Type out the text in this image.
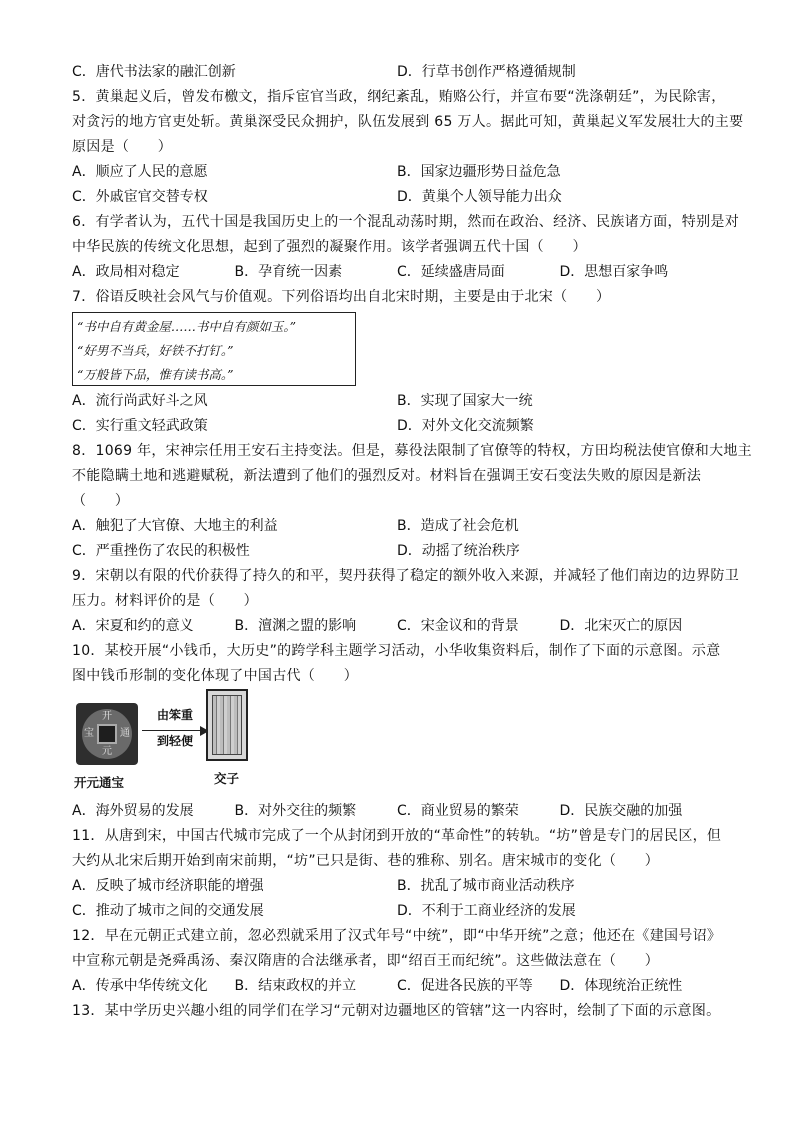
C．唐代书法家的融汇创新	D．行草书创作严格遵循规制
5．黄巢起义后，曾发布檄文，指斥宦官当政，纲纪紊乱，贿赂公行，并宣布要“洗涤朝廷”，为民除害，
对贪污的地方官吏处斩。黄巢深受民众拥护，队伍发展到 65 万人。据此可知，黄巢起义军发展壮大的主要
原因是（　　）
A．顺应了人民的意愿	B．国家边疆形势日益危急
C．外戚宦官交替专权	D．黄巢个人领导能力出众
6．有学者认为，五代十国是我国历史上的一个混乱动荡时期，然而在政治、经济、民族诸方面，特别是对
中华民族的传统文化思想，起到了强烈的凝聚作用。该学者强调五代十国（　　）
A．政局相对稳定	B．孕育统一因素	C．延续盛唐局面	D．思想百家争鸣
7．俗语反映社会风气与价值观。下列俗语均出自北宋时期，主要是由于北宋（　　）
“书中自有黄金屋……书中自有颜如玉。”
“好男不当兵，好铁不打钉。”
“万般皆下品，惟有读书高。”
A．流行尚武好斗之风	B．实现了国家大一统
C．实行重文轻武政策	D．对外文化交流频繁
8．1069 年，宋神宗任用王安石主持变法。但是，募役法限制了官僚等的特权，方田均税法使官僚和大地主
不能隐瞒土地和逃避赋税，新法遭到了他们的强烈反对。材料旨在强调王安石变法失败的原因是新法
（　　）
A．触犯了大官僚、大地主的利益	B．造成了社会危机
C．严重挫伤了农民的积极性	D．动摇了统治秩序
9．宋朝以有限的代价获得了持久的和平，契丹获得了稳定的额外收入来源，并减轻了他们南边的边界防卫
压力。材料评价的是（　　）
A．宋夏和约的意义	B．澶渊之盟的影响	C．宋金议和的背景	D．北宋灭亡的原因
10．某校开展“小钱币，大历史”的跨学科主题学习活动，小华收集资料后，制作了下面的示意图。示意
图中钱币形制的变化体现了中国古代（　　）
开
元
通
宝
由笨重
到轻便
开元通宝	交子
A．海外贸易的发展	B．对外交往的频繁	C．商业贸易的繁荣	D．民族交融的加强
11．从唐到宋，中国古代城市完成了一个从封闭到开放的“革命性”的转轨。“坊”曾是专门的居民区，但
大约从北宋后期开始到南宋前期，“坊”已只是街、巷的雅称、别名。唐宋城市的变化（　　）
A．反映了城市经济职能的增强	B．扰乱了城市商业活动秩序
C．推动了城市之间的交通发展	D．不利于工商业经济的发展
12．早在元朝正式建立前，忽必烈就采用了汉式年号“中统”，即“中华开统”之意；他还在《建国号诏》
中宣称元朝是尧舜禹汤、秦汉隋唐的合法继承者，即“绍百王而纪统”。这些做法意在（　　）
A．传承中华传统文化	B．结束政权的并立	C．促进各民族的平等	D．体现统治正统性
13．某中学历史兴趣小组的同学们在学习“元朝对边疆地区的管辖”这一内容时，绘制了下面的示意图。
